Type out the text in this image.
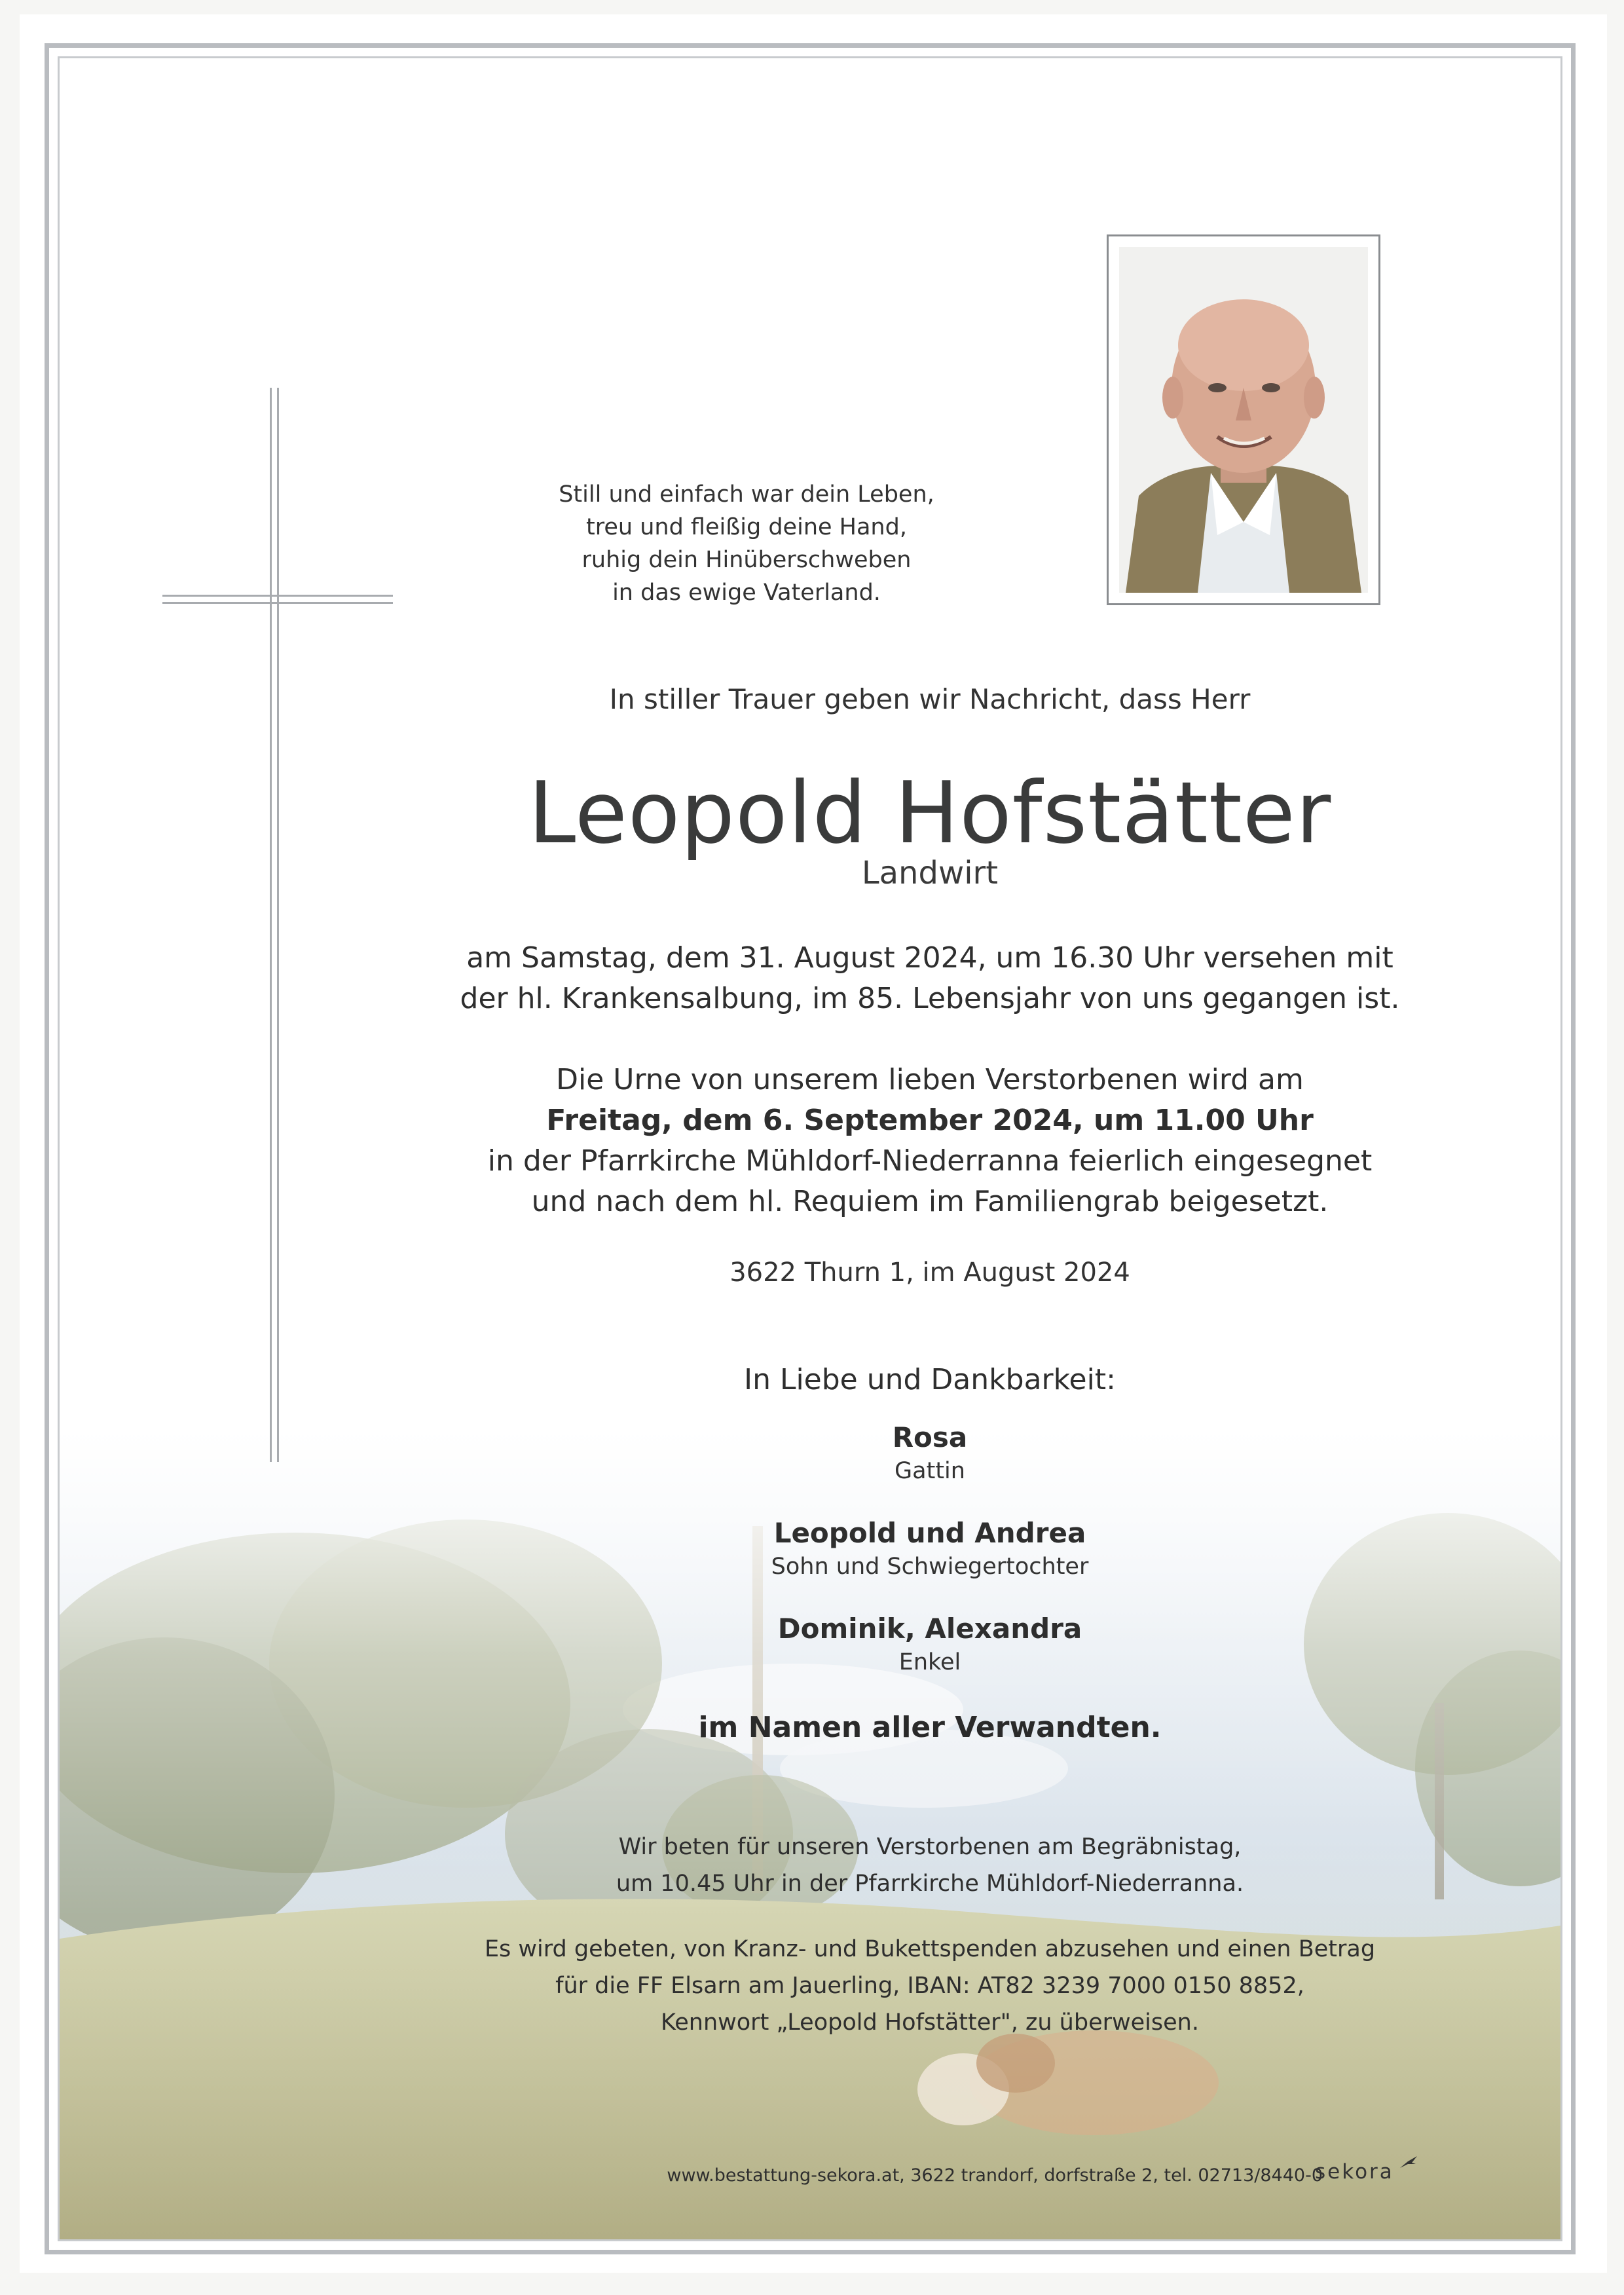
Still und einfach war dein Leben,
treu und fleißig deine Hand,
ruhig dein Hinüberschweben
in das ewige Vaterland.
In stiller Trauer geben wir Nachricht, dass Herr
Leopold Hofstätter
Landwirt
am Samstag, dem 31. August 2024, um 16.30 Uhr versehen mit
der hl. Krankensalbung, im 85. Lebensjahr von uns gegangen ist.
Die Urne von unserem lieben Verstorbenen wird am
Freitag, dem 6. September 2024, um 11.00 Uhr
in der Pfarrkirche Mühldorf-Niederranna feierlich eingesegnet
und nach dem hl. Requiem im Familiengrab beigesetzt.
3622 Thurn 1, im August 2024
In Liebe und Dankbarkeit:
Rosa
Gattin
Leopold und Andrea
Sohn und Schwiegertochter
Dominik, Alexandra
Enkel
im Namen aller Verwandten.
Wir beten für unseren Verstorbenen am Begräbnistag,
um 10.45 Uhr in der Pfarrkirche Mühldorf-Niederranna.
Es wird gebeten, von Kranz- und Bukettspenden abzusehen und einen Betrag
für die FF Elsarn am Jauerling, IBAN: AT82 3239 7000 0150 8852,
Kennwort „Leopold Hofstätter", zu überweisen.
www.bestattung-sekora.at, 3622 trandorf, dorfstraße 2, tel. 02713/8440-0
sekora
